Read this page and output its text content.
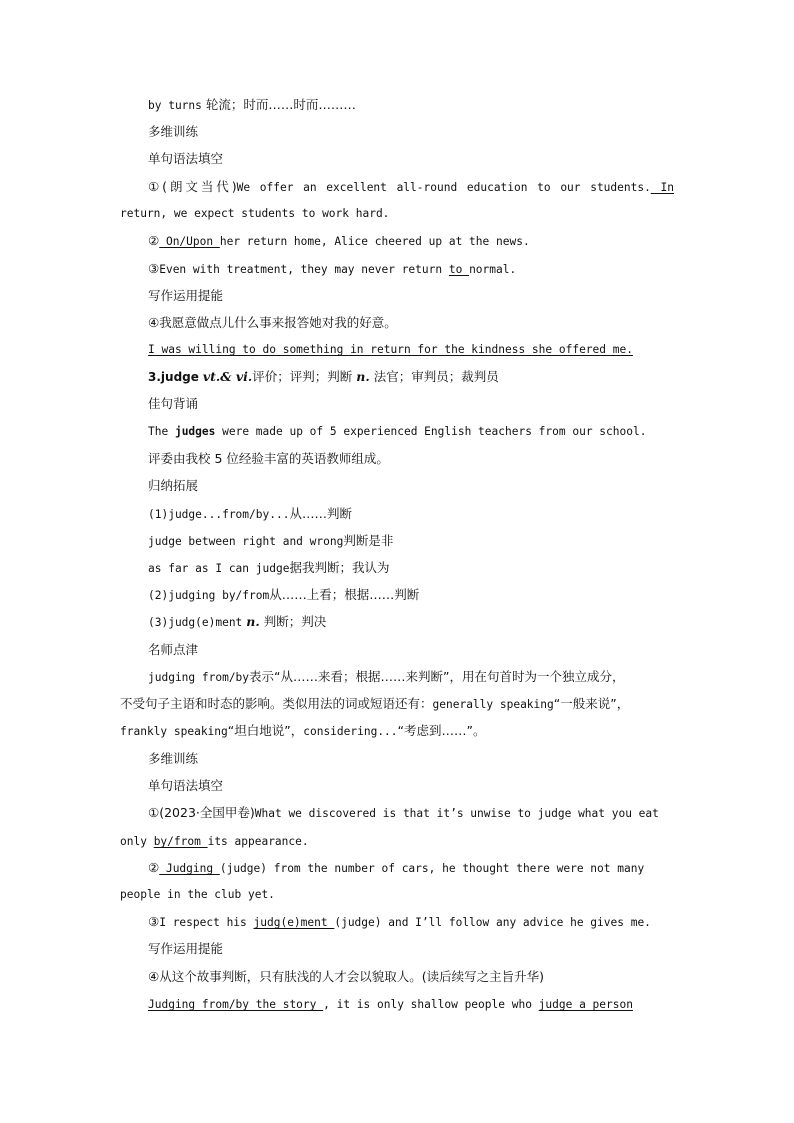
by turns 轮流；时而……时而………
多维训练
单句语法填空
①(朗文当代)We offer an excellent all-round education to our students. In
return, we expect students to work hard.
② On/Upon her return home, Alice cheered up at the news.
③Even with treatment, they may never return to normal.
写作运用提能
④我愿意做点儿什么事来报答她对我的好意。
I was willing to do something in return for the kindness she offered me.
3.judge vt.& vi.评价；评判；判断 n. 法官；审判员；裁判员
佳句背诵
The judges were made up of 5 experienced English teachers from our school.
评委由我校 5 位经验丰富的英语教师组成。
归纳拓展
(1)judge...from/by...从……判断
judge between right and wrong判断是非
as far as I can judge据我判断；我认为
(2)judging by/from从……上看；根据……判断
(3)judg(e)ment n. 判断；判决
名师点津
judging from/by表示“从……来看；根据……来判断”，用在句首时为一个独立成分，
不受句子主语和时态的影响。类似用法的词或短语还有：generally speaking“一般来说”，
frankly speaking“坦白地说”，considering...“考虑到……”。
多维训练
单句语法填空
①(2023·全国甲卷)What we discovered is that it’s unwise to judge what you eat
only by/from its appearance.
② Judging (judge) from the number of cars, he thought there were not many
people in the club yet.
③I respect his judg(e)ment (judge) and I’ll follow any advice he gives me.
写作运用提能
④从这个故事判断，只有肤浅的人才会以貌取人。(读后续写之主旨升华)
Judging from/by the story , it is only shallow people who judge a person
